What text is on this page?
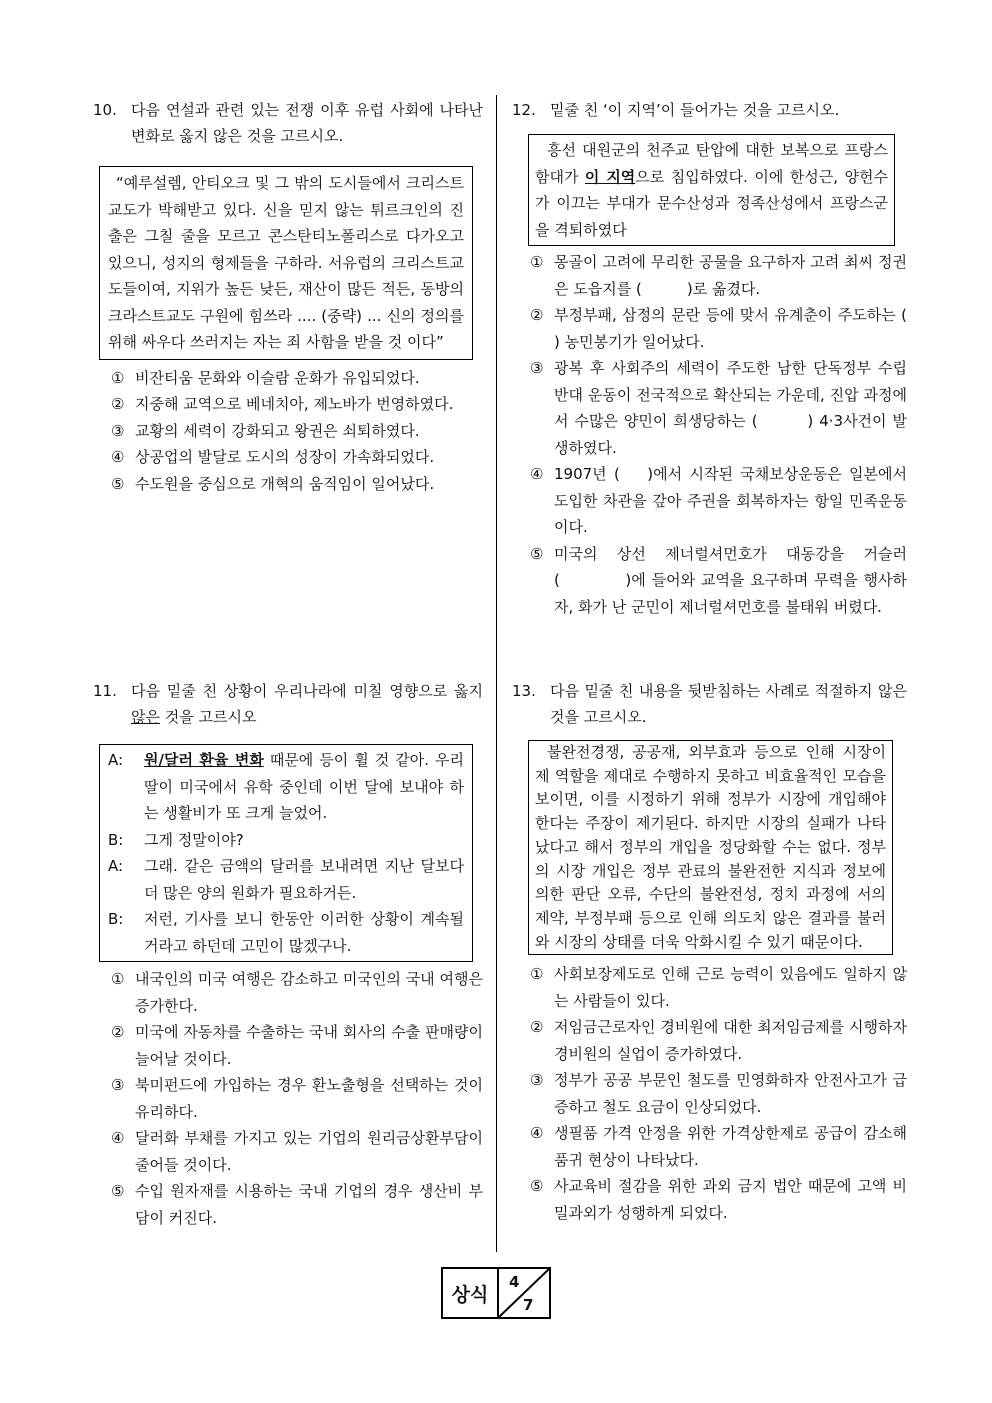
10. 다음 연설과 관련 있는 전쟁 이후 유럽 사회에 나타난 변화로 옳지 않은 것을 고르시오.

“예루설렘, 안티오크 및 그 밖의 도시들에서 크리스트교도가 박해받고 있다. 신을 믿지 않는 튀르크인의 진출은 그칠 줄을 모르고 콘스탄티노폴리스로 다가오고 있으니, 성지의 형제들을 구하라. 서유럽의 크리스트교도들이여, 지위가 높든 낮든, 재산이 많든 적든, 동방의 크라스트교도 구원에 힘쓰라 .... (중략) ... 신의 정의를 위해 싸우다 쓰러지는 자는 죄 사함을 받을 것 이다”

① 비잔티움 문화와 이슬람 운화가 유입되었다.
② 지중해 교역으로 베네치아, 제노바가 번영하였다.
③ 교황의 세력이 강화되고 왕권은 쇠퇴하였다.
④ 상공업의 발달로 도시의 성장이 가속화되었다.
⑤ 수도원을 중심으로 개혁의 움직임이 일어났다.
11. 다음 밑줄 친 상황이 우리나라에 미칠 영향으로 옳지 않은 것을 고르시오
A: 원/달러 환율 변화 때문에 등이 휠 것 같아. 우리 딸이 미국에서 유학 중인데 이번 달에 보내야 하는 생활비가 또 크게 늘었어.
B: 그게 정말이야?
A: 그래. 같은 금액의 달러를 보내려면 지난 달보다 더 많은 양의 원화가 필요하거든.
B: 저런, 기사를 보니 한동안 이러한 상황이 계속될 거라고 하던데 고민이 많겠구나.
① 내국인의 미국 여행은 감소하고 미국인의 국내 여행은 증가한다.
② 미국에 자동차를 수출하는 국내 회사의 수출 판매량이 늘어날 것이다.
③ 북미펀드에 가입하는 경우 환노출형을 선택하는 것이 유리하다.
④ 달러화 부채를 가지고 있는 기업의 원리금상환부담이 줄어들 것이다.
⑤ 수입 원자재를 시용하는 국내 기업의 경우 생산비 부담이 커진다.
12. 밑줄 친 ‘이 지역’이 들어가는 것을 고르시오.

흥선 대원군의 천주교 탄압에 대한 보복으로 프랑스 함대가 이 지역으로 침입하였다. 이에 한성근, 양헌수가 이끄는 부대가 문수산성과 정족산성에서 프랑스군을 격퇴하였다

① 몽골이 고려에 무리한 공물을 요구하자 고려 최씨 정권은 도읍지를 (　　　)로 옮겼다.
② 부정부패, 삼정의 문란 등에 맞서 유계춘이 주도하는 ( ) 농민봉기가 일어났다.
③ 광복 후 사회주의 세력이 주도한 남한 단독정부 수립 반대 운동이 전국적으로 확산되는 가운데, 진압 과정에서 수많은 양민이 희생당하는 (　　　) 4·3사건이 발생하였다.
④ 1907년 (　 )에서 시작된 국채보상운동은 일본에서 도입한 차관을 갚아 주권을 회복하자는 항일 민족운동이다.
⑤ 미국의 상선 제너럴셔먼호가 대동강을 거슬러 (　　　　)에 들어와 교역을 요구하며 무력을 행사하자, 화가 난 군민이 제너럴셔먼호를 불태워 버렸다.
13. 다음 밑줄 친 내용을 뒷받침하는 사례로 적절하지 않은 것을 고르시오.

불완전경쟁, 공공재, 외부효과 등으로 인해 시장이 제 역할을 제대로 수행하지 못하고 비효율적인 모습을 보이면, 이를 시정하기 위해 정부가 시장에 개입해야 한다는 주장이 제기된다. 하지만 시장의 실패가 나타났다고 해서 정부의 개입을 정당화할 수는 없다. 정부의 시장 개입은 정부 관료의 불완전한 지식과 정보에 의한 판단 오류, 수단의 불완전성, 정치 과정에 서의 제약, 부정부패 등으로 인해 의도치 않은 결과를 불러와 시장의 상태를 더욱 악화시킬 수 있기 때문이다.

① 사회보장제도로 인해 근로 능력이 있음에도 일하지 않는 사람들이 있다.
② 저임금근로자인 경비원에 대한 최저임금제를 시행하자 경비원의 실업이 증가하였다.
③ 정부가 공공 부문인 철도를 민영화하자 안전사고가 급증하고 철도 요금이 인상되었다.
④ 생필품 가격 안정을 위한 가격상한제로 공급이 감소해 품귀 현상이 나타났다.
⑤ 사교육비 절감을 위한 과외 금지 법안 때문에 고액 비밀과외가 성행하게 되었다.
상식
4
7
